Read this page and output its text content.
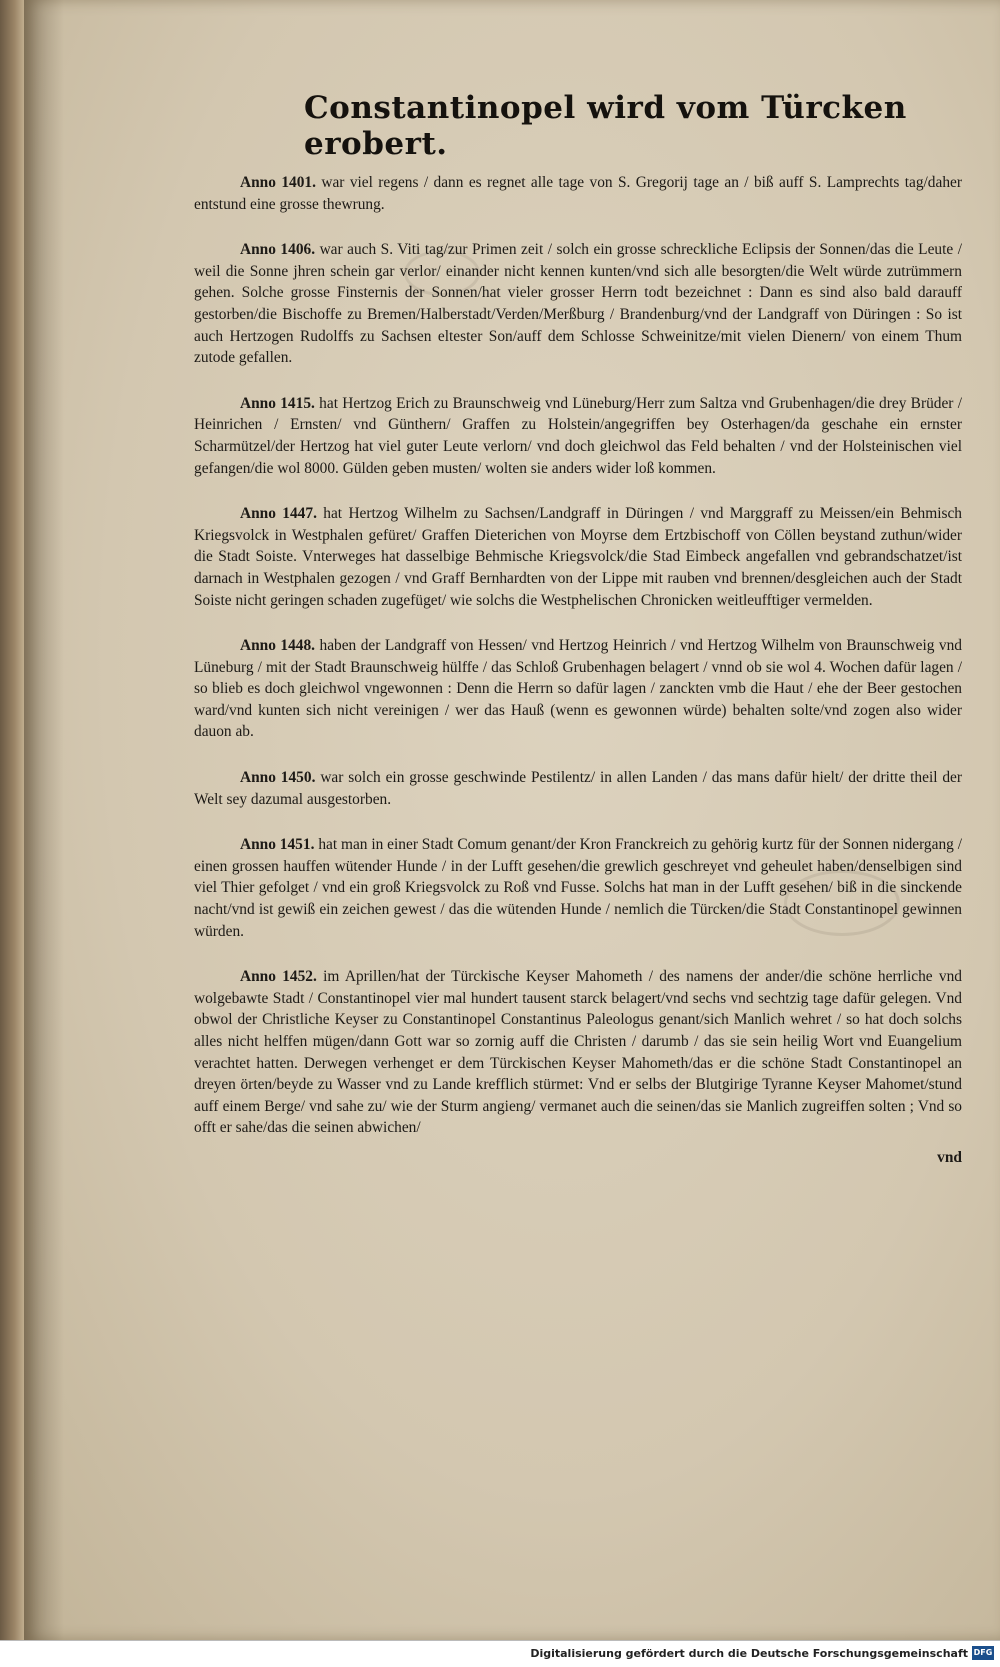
Constantinopel wird vom Türcken erobert.

Anno 1401. war viel regens / dann es regnet alle tage von S. Gregorij tage an / biß auff S. Lamprechts tag/daher entstund eine grosse thewrung.

Anno 1406. war auch S. Viti tag/zur Primen zeit / solch ein grosse schreckliche Eclipsis der Sonnen/das die Leute / weil die Sonne jhren schein gar verlor/ einander nicht kennen kunten/vnd sich alle besorgten/die Welt würde zutrümmern gehen. Solche grosse Finsternis der Sonnen/hat vieler grosser Herrn todt bezeichnet : Dann es sind also bald darauff gestorben/die Bischoffe zu Bremen/Halberstadt/Verden/Merßburg / Brandenburg/vnd der Landgraff von Düringen : So ist auch Hertzogen Rudolffs zu Sachsen eltester Son/auff dem Schlosse Schweinitze/mit vielen Dienern/ von einem Thum zutode gefallen.

Anno 1415. hat Hertzog Erich zu Braunschweig vnd Lüneburg/Herr zum Saltza vnd Grubenhagen/die drey Brüder / Heinrichen / Ernsten/ vnd Günthern/ Graffen zu Holstein/angegriffen bey Osterhagen/da geschahe ein ernster Scharmützel/der Hertzog hat viel guter Leute verlorn/ vnd doch gleichwol das Feld behalten / vnd der Holsteinischen viel gefangen/die wol 8000. Gülden geben musten/ wolten sie anders wider loß kommen.

Anno 1447. hat Hertzog Wilhelm zu Sachsen/Landgraff in Düringen / vnd Marggraff zu Meissen/ein Behmisch Kriegsvolck in Westphalen gefüret/ Graffen Dieterichen von Moyrse dem Ertzbischoff von Cöllen beystand zuthun/wider die Stadt Soiste. Vnterweges hat dasselbige Behmische Kriegsvolck/die Stad Eimbeck angefallen vnd gebrandschatzet/ist darnach in Westphalen gezogen / vnd Graff Bernhardten von der Lippe mit rauben vnd brennen/desgleichen auch der Stadt Soiste nicht geringen schaden zugefüget/ wie solchs die Westphelischen Chronicken weitleufftiger vermelden.

Anno 1448. haben der Landgraff von Hessen/ vnd Hertzog Heinrich / vnd Hertzog Wilhelm von Braunschweig vnd Lüneburg / mit der Stadt Braunschweig hülffe / das Schloß Grubenhagen belagert / vnnd ob sie wol 4. Wochen dafür lagen / so blieb es doch gleichwol vngewonnen : Denn die Herrn so dafür lagen / zanckten vmb die Haut / ehe der Beer gestochen ward/vnd kunten sich nicht vereinigen / wer das Hauß (wenn es gewonnen würde) behalten solte/vnd zogen also wider dauon ab.

Anno 1450. war solch ein grosse geschwinde Pestilentz/ in allen Landen / das mans dafür hielt/ der dritte theil der Welt sey dazumal ausgestorben.

Anno 1451. hat man in einer Stadt Comum genant/der Kron Franckreich zu gehörig kurtz für der Sonnen nidergang / einen grossen hauffen wütender Hunde / in der Lufft gesehen/die grewlich geschreyet vnd geheulet haben/denselbigen sind viel Thier gefolget / vnd ein groß Kriegsvolck zu Roß vnd Fusse. Solchs hat man in der Lufft gesehen/ biß in die sinckende nacht/vnd ist gewiß ein zeichen gewest / das die wütenden Hunde / nemlich die Türcken/die Stadt Constantinopel gewinnen würden.

Anno 1452. im Aprillen/hat der Türckische Keyser Mahometh / des namens der ander/die schöne herrliche vnd wolgebawte Stadt / Constantinopel vier mal hundert tausent starck belagert/vnd sechs vnd sechtzig tage dafür gelegen. Vnd obwol der Christliche Keyser zu Constantinopel Constantinus Paleologus genant/sich Manlich wehret / so hat doch solchs alles nicht helffen mügen/dann Gott war so zornig auff die Christen / darumb / das sie sein heilig Wort vnd Euangelium verachtet hatten. Derwegen verhenget er dem Türckischen Keyser Mahometh/das er die schöne Stadt Constantinopel an dreyen örten/beyde zu Wasser vnd zu Lande krefflich stürmet: Vnd er selbs der Blutgirige Tyranne Keyser Mahomet/stund auff einem Berge/ vnd sahe zu/ wie der Sturm angieng/ vermanet auch die seinen/das sie Manlich zugreiffen solten ; Vnd so offt er sahe/das die seinen abwichen/

vnd
Digitalisierung gefördert durch die Deutsche Forschungsgemeinschaft DFG
